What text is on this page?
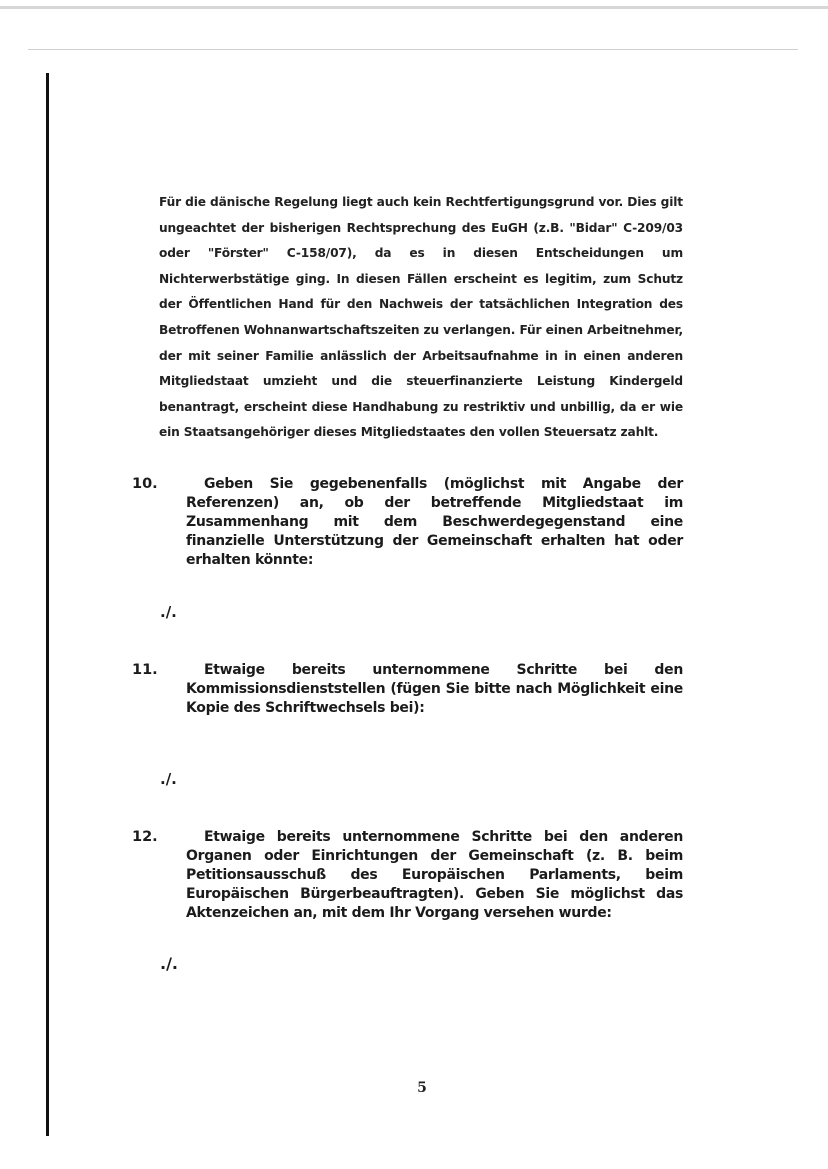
Für die dänische Regelung liegt auch kein Rechtfertigungsgrund vor. Dies gilt ungeachtet der bisherigen Rechtsprechung des EuGH (z.B. "Bidar" C-209/03 oder "Förster" C-158/07), da es in diesen Entscheidungen um Nichterwerbstätige ging. In diesen Fällen erscheint es legitim, zum Schutz der Öffentlichen Hand für den Nachweis der tatsächlichen Integration des Betroffenen Wohnanwartschaftszeiten zu verlangen. Für einen Arbeitnehmer, der mit seiner Familie anlässlich der Arbeitsaufnahme in in einen anderen Mitgliedstaat umzieht und die steuerfinanzierte Leistung Kindergeld benantragt, erscheint diese Handhabung zu restriktiv und unbillig, da er wie ein Staatsangehöriger dieses Mitgliedstaates den vollen Steuersatz zahlt.

10.	Geben Sie gegebenenfalls (möglichst mit Angabe der Referenzen) an, ob der betreffende Mitgliedstaat im Zusammenhang mit dem Beschwerdegegenstand eine finanzielle Unterstützung der Gemeinschaft erhalten hat oder erhalten könnte:

./.

11.	Etwaige bereits unternommene Schritte bei den Kommissionsdienststellen (fügen Sie bitte nach Möglichkeit eine Kopie des Schriftwechsels bei):

./.

12.	Etwaige bereits unternommene Schritte bei den anderen Organen oder Einrichtungen der Gemeinschaft (z. B. beim Petitionsausschuß des Europäischen Parlaments, beim Europäischen Bürgerbeauftragten). Geben Sie möglichst das Aktenzeichen an, mit dem Ihr Vorgang versehen wurde:

./.

5
